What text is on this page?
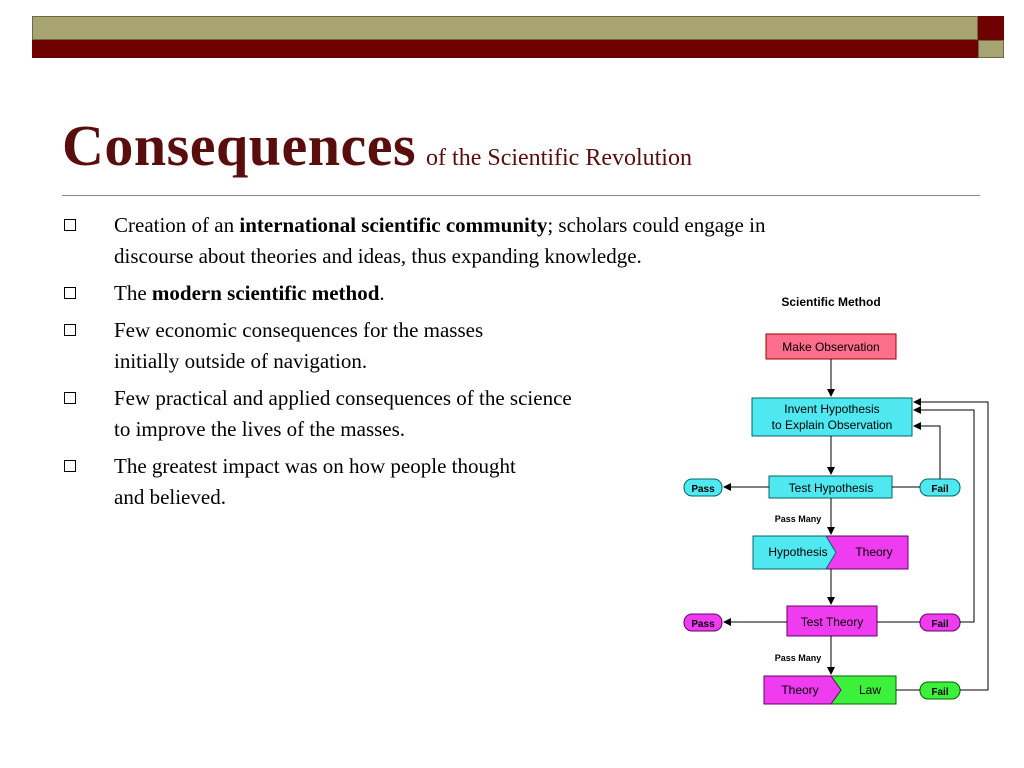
Consequences of the Scientific Revolution
Creation of an international scientific community; scholars could engage in
discourse about theories and ideas, thus expanding knowledge.
The modern scientific method.
Few economic consequences for the masses
initially outside of navigation.
Few practical and applied consequences of the science
to improve the lives of the masses.
The greatest impact was on how people thought
and believed.
Scientific Method
Make Observation
Invent Hypothesis
to Explain Observation
Test Hypothesis
Pass	Fail
Pass Many
Hypothesis Theory
Test Theory
Pass	Fail
Pass Many
Theory	Law	Fail
